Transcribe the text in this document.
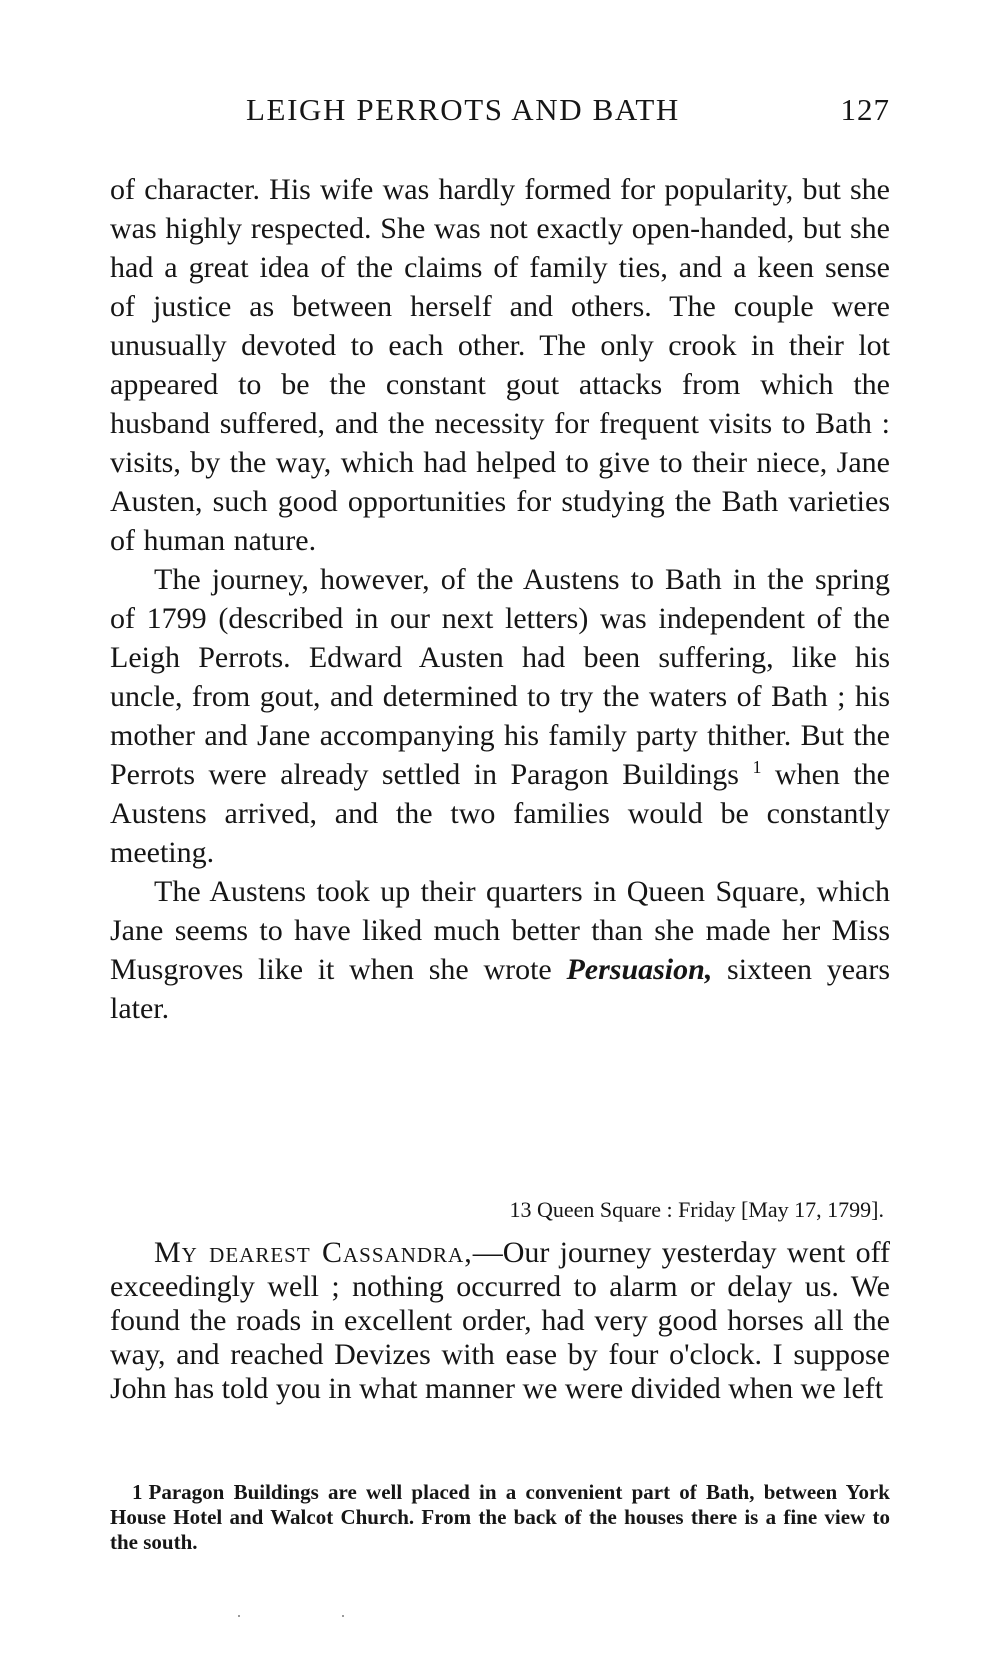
LEIGH PERROTS AND BATH	127

of character. His wife was hardly formed for popularity, but she was highly respected. She was not exactly open-handed, but she had a great idea of the claims of family ties, and a keen sense of justice as between herself and others. The couple were unusually devoted to each other. The only crook in their lot appeared to be the constant gout attacks from which the husband suffered, and the necessity for frequent visits to Bath : visits, by the way, which had helped to give to their niece, Jane Austen, such good opportunities for studying the Bath varieties of human nature.

The journey, however, of the Austens to Bath in the spring of 1799 (described in our next letters) was independent of the Leigh Perrots. Edward Austen had been suffering, like his uncle, from gout, and determined to try the waters of Bath ; his mother and Jane accompanying his family party thither. But the Perrots were already settled in Paragon Buildings $^1$ when the Austens arrived, and the two families would be constantly meeting.

The Austens took up their quarters in Queen Square, which Jane seems to have liked much better than she made her Miss Musgroves like it when she wrote Persuasion, sixteen years later.

13 Queen Square : Friday [May 17, 1799].

My dearest Cassandra,—Our journey yesterday went off exceedingly well ; nothing occurred to alarm or delay us. We found the roads in excellent order, had very good horses all the way, and reached Devizes with ease by four o'clock. I suppose John has told you in what manner we were divided when we left

1 Paragon Buildings are well placed in a convenient part of Bath, between York House Hotel and Walcot Church. From the back of the houses there is a fine view to the south.
